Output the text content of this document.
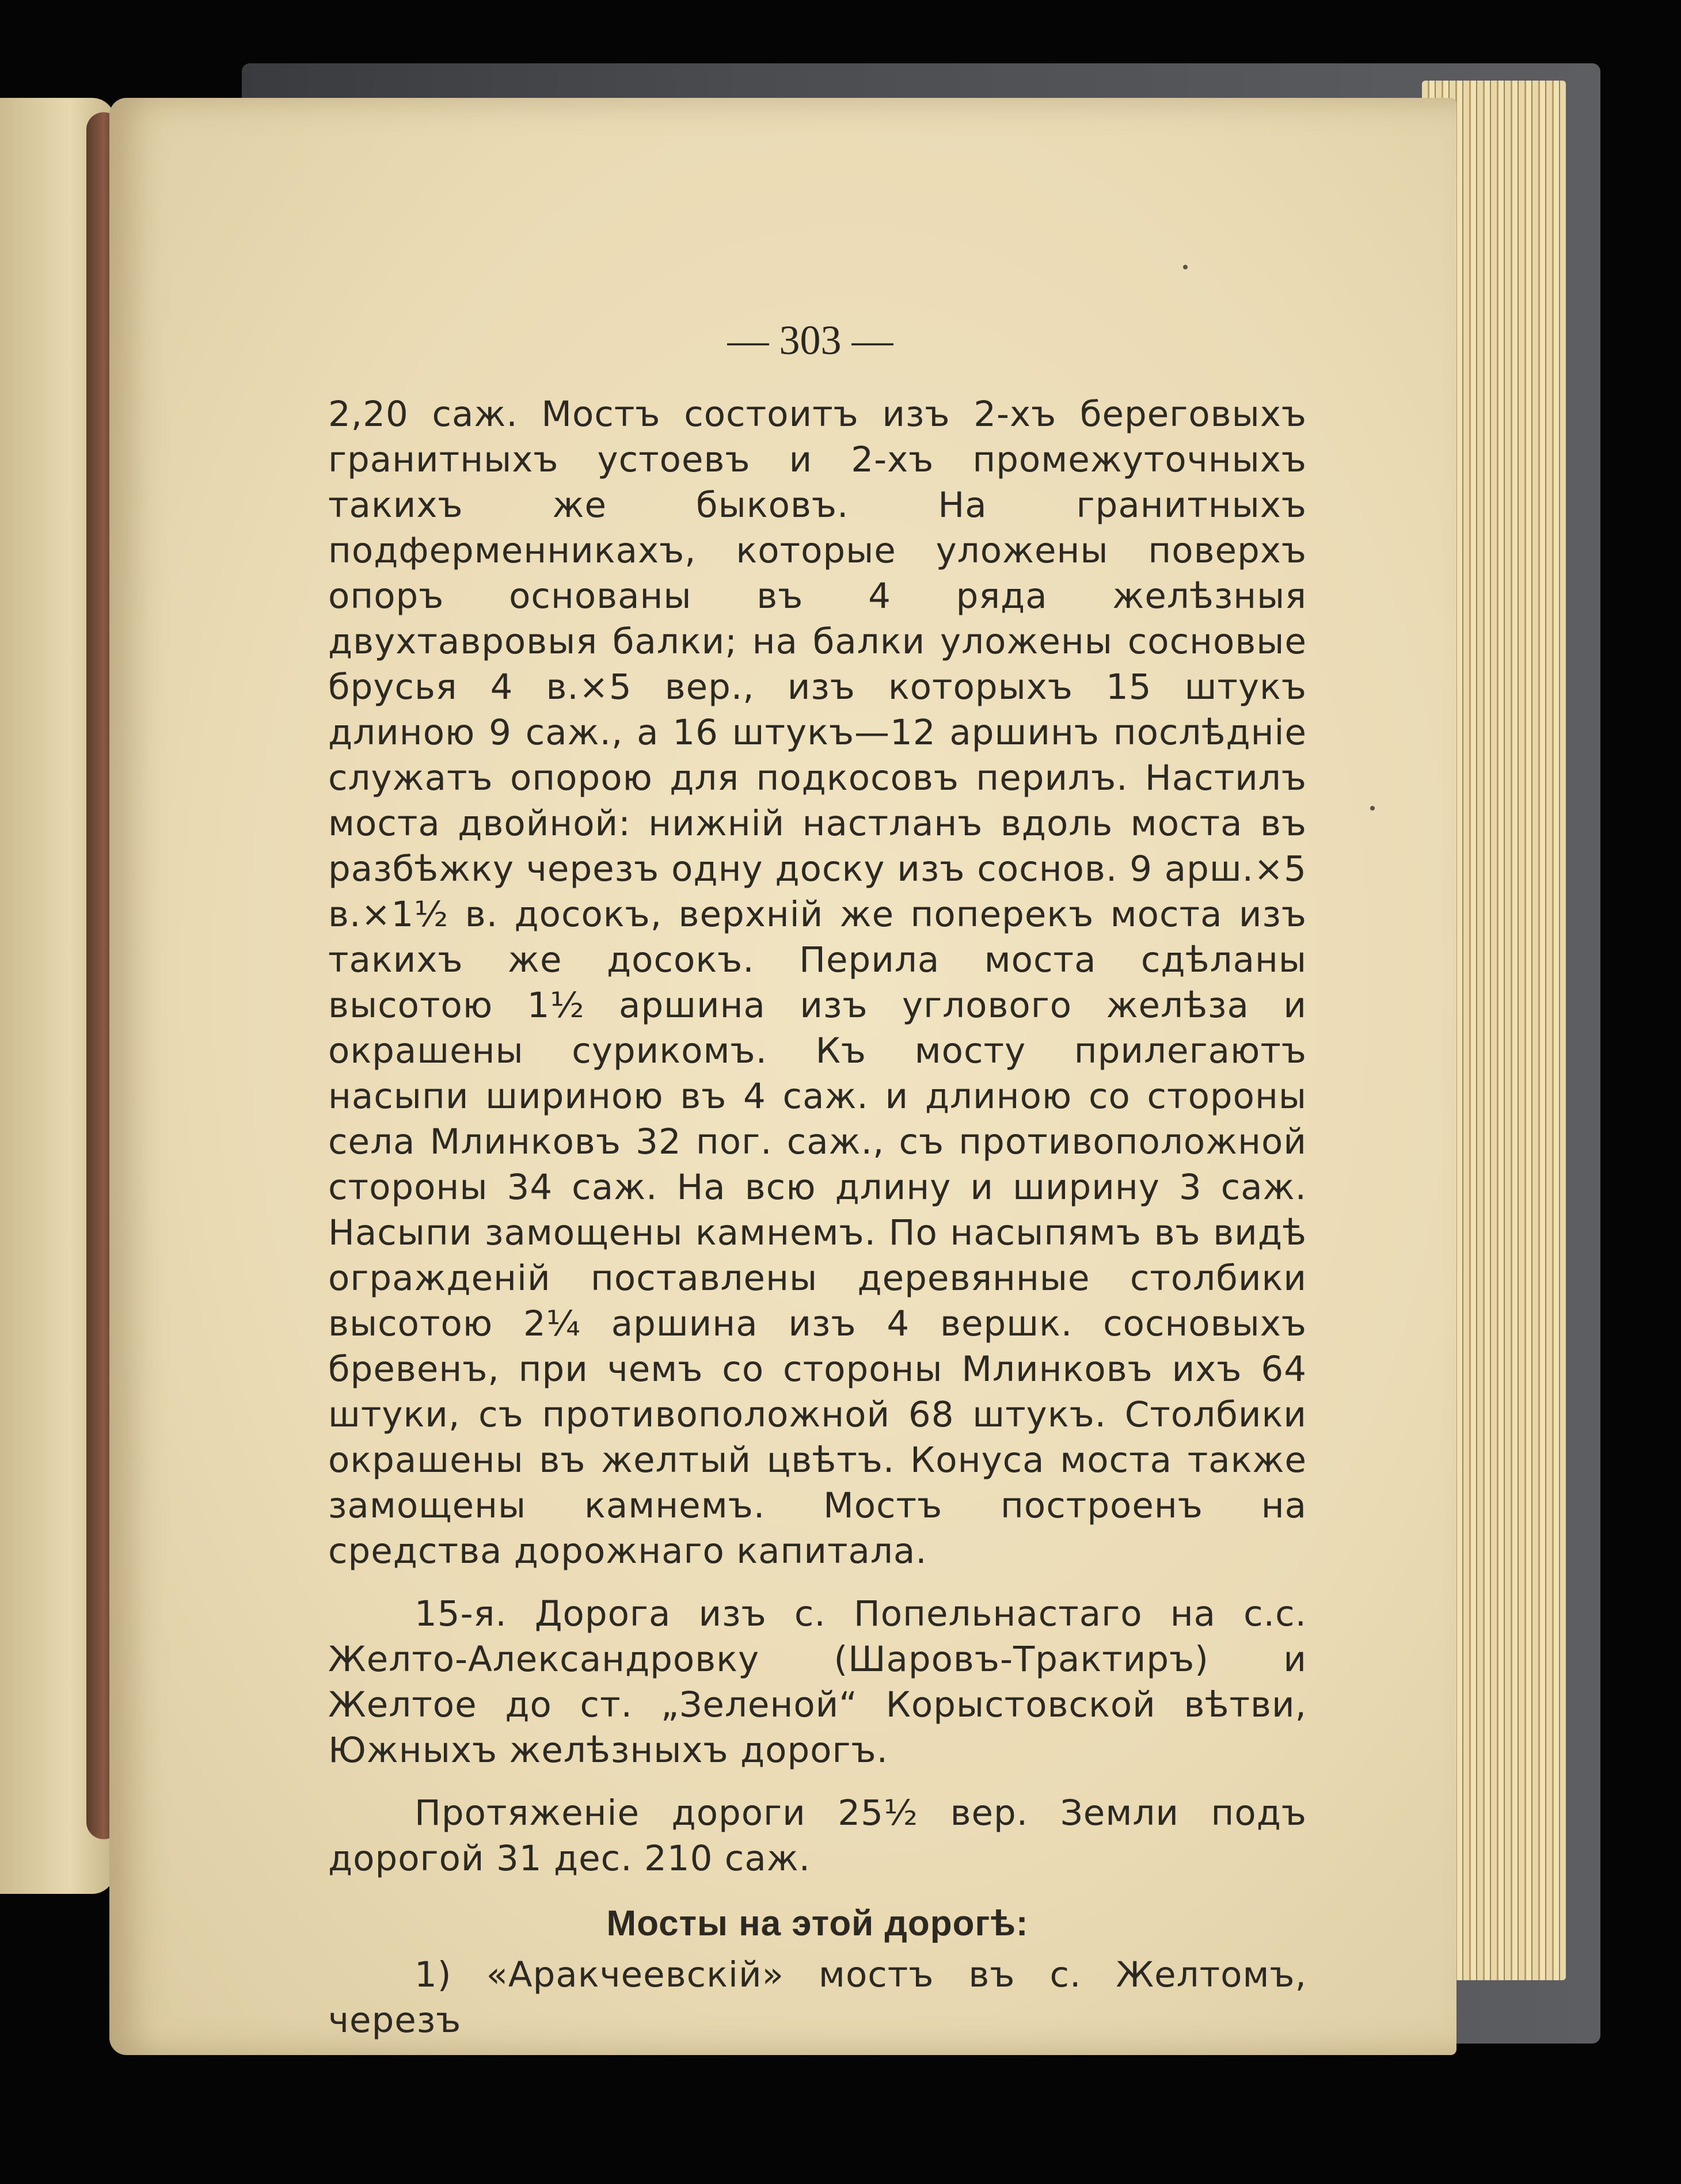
— 303 —

2,20 саж. Мостъ состоитъ изъ 2-хъ береговыхъ гранитныхъ устоевъ и 2-хъ промежуточныхъ такихъ же быковъ. На гранитныхъ подферменникахъ, которые уложены поверхъ опоръ основаны въ 4 ряда желѣзныя двухтавровыя балки; на балки уложены сосновые брусья 4 в.×5 вер., изъ которыхъ 15 штукъ длиною 9 саж., а 16 штукъ—12 аршинъ послѣдніе служатъ опорою для подкосовъ перилъ. Настилъ моста двойной: нижній настланъ вдоль моста въ разбѣжку черезъ одну доску изъ соснов. 9 арш.×5 в.×1½ в. досокъ, верхній же поперекъ моста изъ такихъ же досокъ. Перила моста сдѣланы высотою 1½ аршина изъ углового желѣза и окрашены сурикомъ. Къ мосту прилегаютъ насыпи шириною въ 4 саж. и длиною со стороны села Млинковъ 32 пог. саж., съ противоположной стороны 34 саж. На всю длину и ширину 3 саж. Насыпи замощены камнемъ. По насыпямъ въ видѣ огражденій поставлены деревянные столбики высотою 2¼ аршина изъ 4 вершк. сосновыхъ бревенъ, при чемъ со стороны Млинковъ ихъ 64 штуки, съ противоположной 68 штукъ. Столбики окрашены въ желтый цвѣтъ. Конуса моста также замощены камнемъ. Мостъ построенъ на средства дорожнаго капитала.

15-я. Дорога изъ с. Попельнастаго на с.с. Желто-Александровку (Шаровъ-Трактиръ) и Желтое до ст. „Зеленой“ Корыстовской вѣтви, Южныхъ желѣзныхъ дорогъ.

Протяженіе дороги 25½ вер. Земли подъ дорогой 31 дес. 210 саж.

Мосты на этой дорогѣ:

1) «Аракчеевскій» мостъ въ с. Желтомъ, черезъ
